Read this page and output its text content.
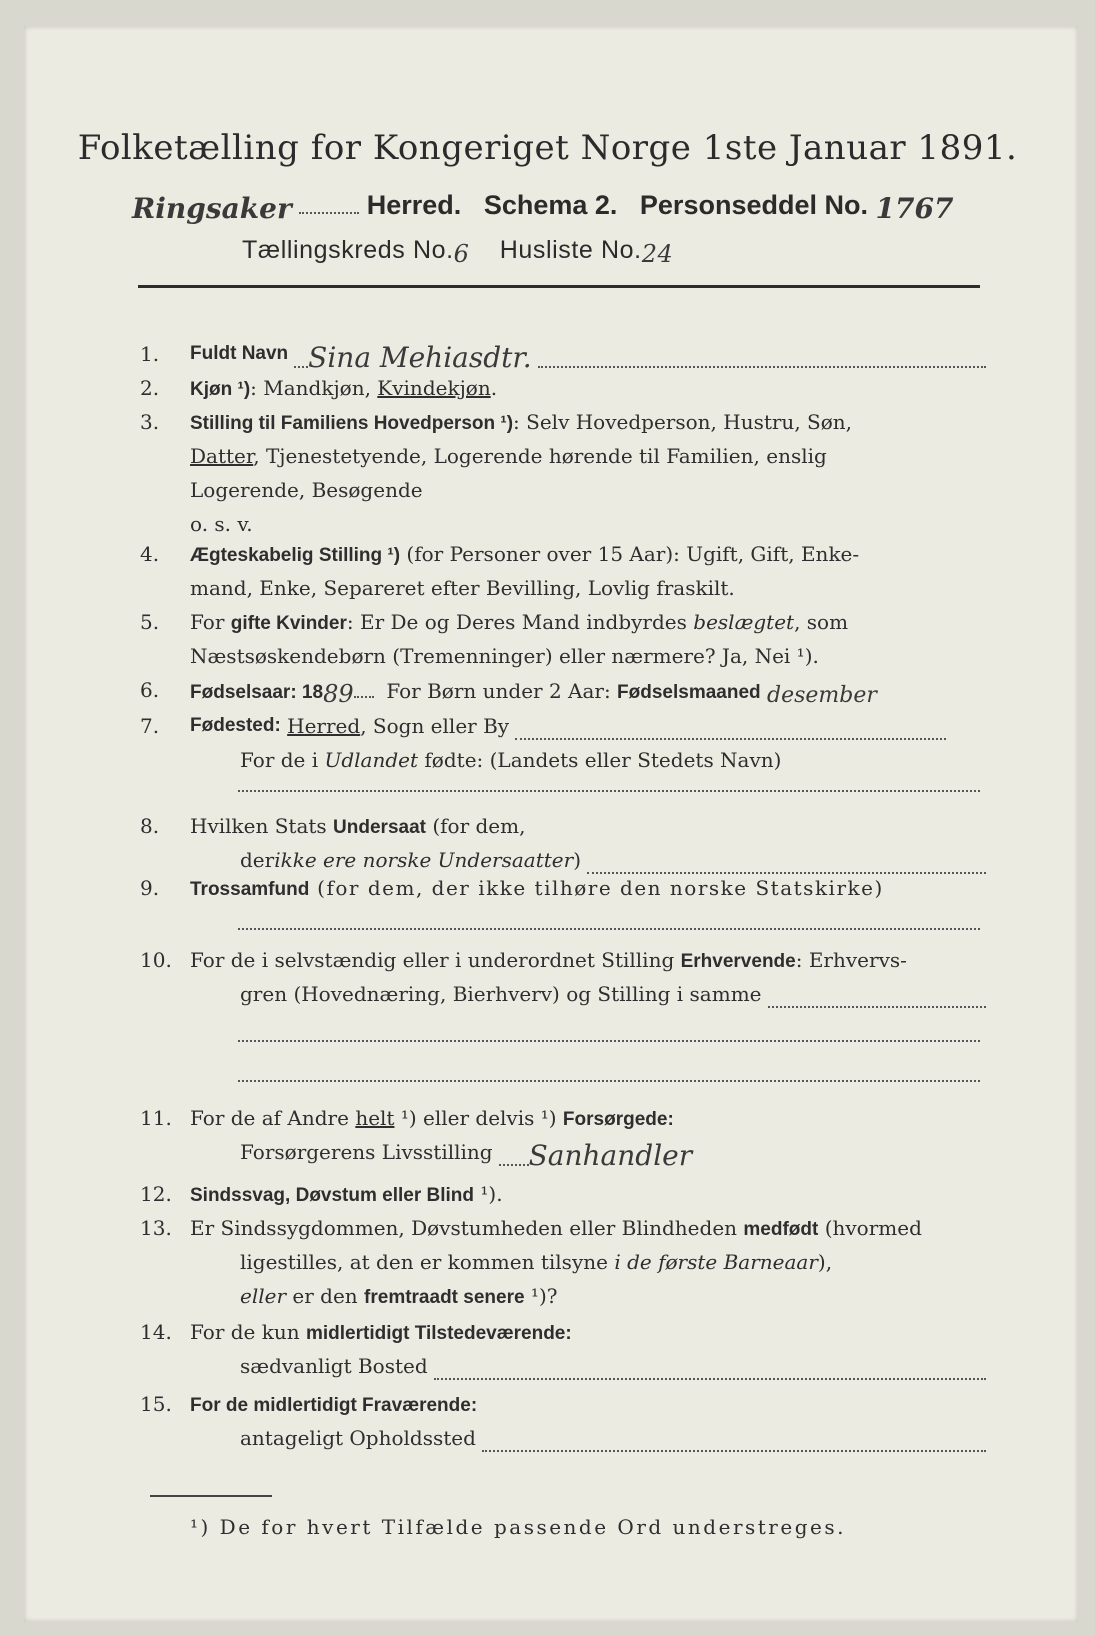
Folketælling for Kongeriget Norge 1ste Januar 1891.
Ringsaker	Herred. Schema 2. Personseddel No. 1767
Tællingskreds No.6 Husliste No.24
1.	Fuldt Navn Sina Mehiasdtr.
2.	Kjøn ¹): Mandkjøn, Kvindekjøn.
3.	Stilling til Familiens Hovedperson ¹): Selv Hovedperson, Hustru, Søn,
Datter, Tjenestetyende, Logerende hørende til Familien, enslig
Logerende, Besøgende
o. s. v.
4.	Ægteskabelig Stilling ¹) (for Personer over 15 Aar): Ugift, Gift, Enke-
mand, Enke, Separeret efter Bevilling, Lovlig fraskilt.
5.	For gifte Kvinder: Er De og Deres Mand indbyrdes beslægtet, som
Næstsøskendebørn (Tremenninger) eller nærmere? Ja, Nei ¹).
6.	Fødselsaar: 1889 For Børn under 2 Aar: Fødselsmaaned desember
7.	Fødested:
Herred , Sogn eller By
For de i Udlandet fødte: (Landets eller Stedets Navn)
8.	Hvilken Stats Undersaat (for dem,
der ikke ere norske Undersaatter )
9.	Trossamfund (for dem, der ikke tilhøre den norske Statskirke)
10. For de i selvstændig eller i underordnet Stilling Erhvervende: Erhvervs-
gren (Hovednæring, Bierhverv) og Stilling i samme
11. For de af Andre helt ¹) eller delvis ¹) Forsørgede:
Forsørgerens Livsstilling Sanhandler
12. Sindssvag, Døvstum eller Blind ¹).
13. Er Sindssygdommen, Døvstumheden eller Blindheden medfødt (hvormed
ligestilles, at den er kommen tilsyne i de første Barneaar),
eller er den fremtraadt senere ¹)?
14. For de kun midlertidigt Tilstedeværende:
sædvanligt Bosted
15. For de midlertidigt Fraværende:
antageligt Opholdssted
¹) De for hvert Tilfælde passende Ord understreges.
